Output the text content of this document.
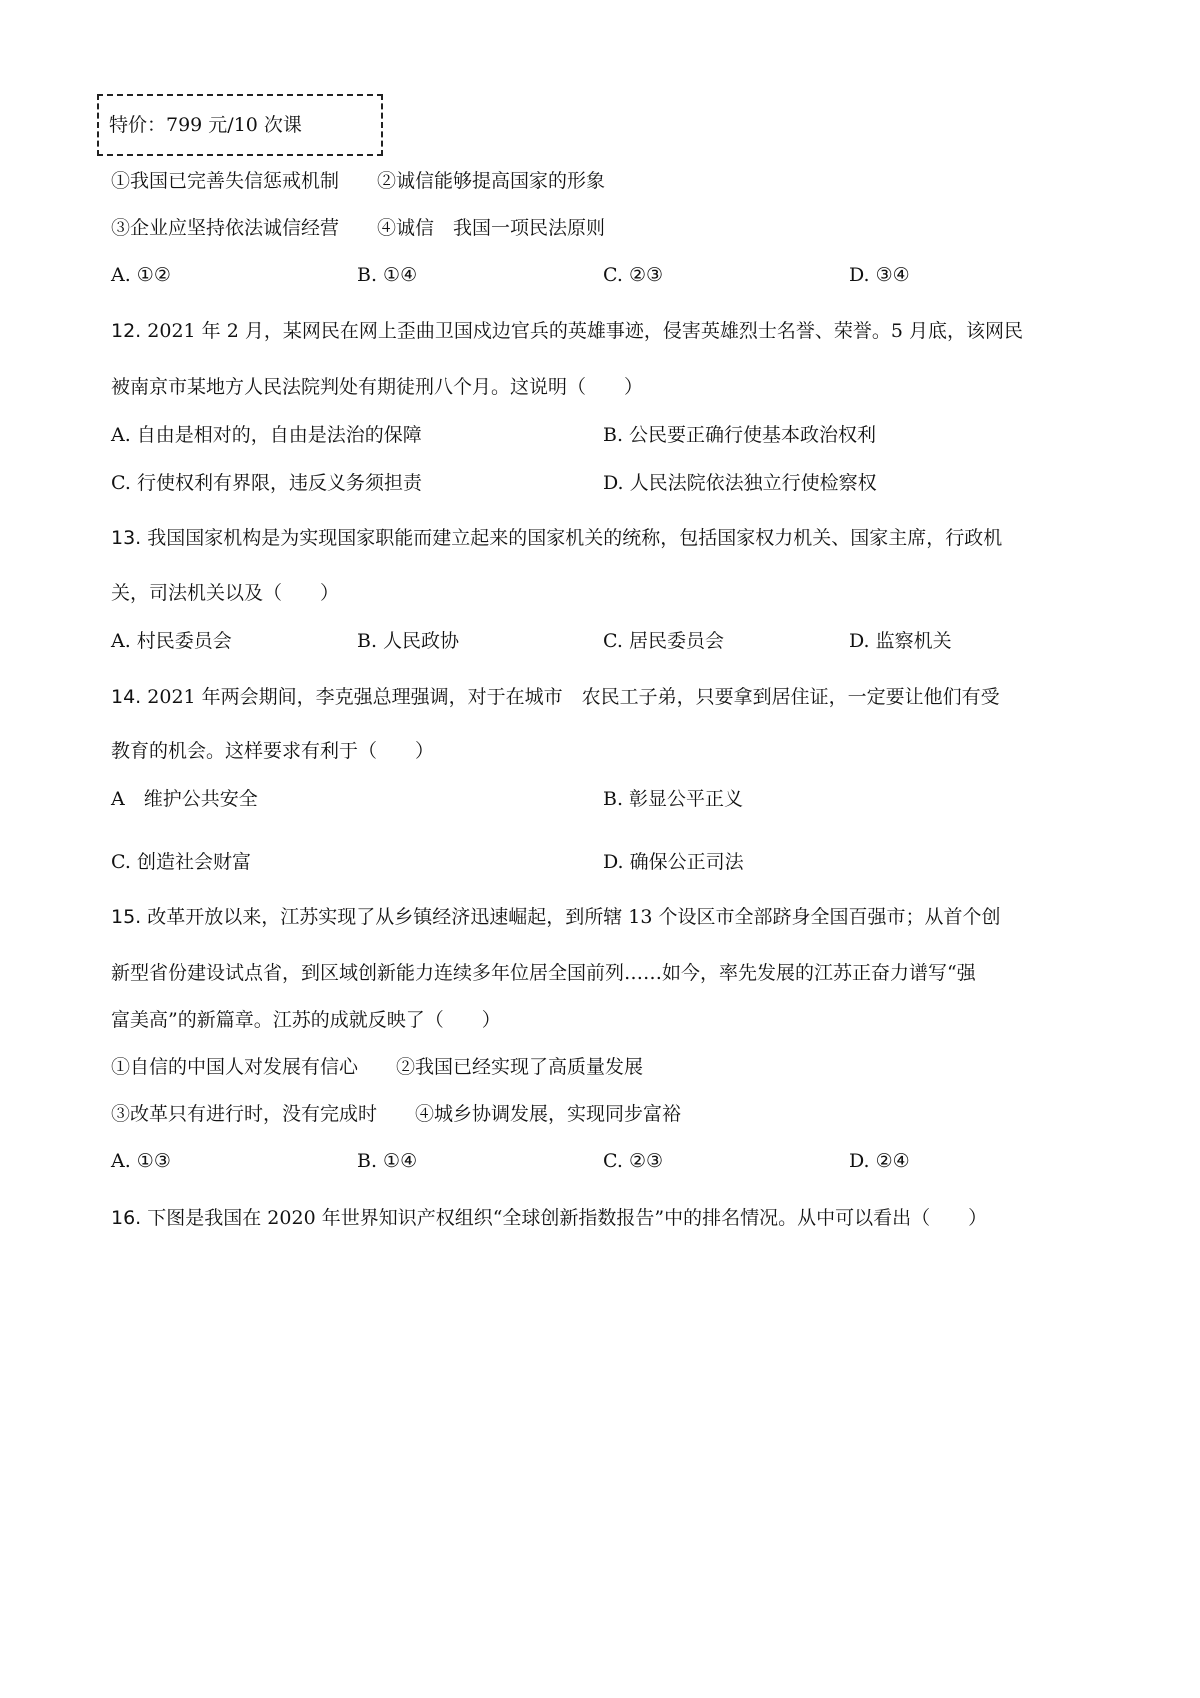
特价：799 元/10 次课
①我国已完善失信惩戒机制　　②诚信能够提高国家的形象
③企业应坚持依法诚信经营　　④诚信　我国一项民法原则
A. ①②	B. ①④	C. ②③	D. ③④
12. 2021 年 2 月，某网民在网上歪曲卫国戍边官兵的英雄事迹，侵害英雄烈士名誉、荣誉。5 月底，该网民
被南京市某地方人民法院判处有期徒刑八个月。这说明（　　）
A. 自由是相对的，自由是法治的保障	B. 公民要正确行使基本政治权利
C. 行使权利有界限，违反义务须担责	D. 人民法院依法独立行使检察权
13. 我国国家机构是为实现国家职能而建立起来的国家机关的统称，包括国家权力机关、国家主席，行政机
关，司法机关以及（　　）
A. 村民委员会	B. 人民政协	C. 居民委员会	D. 监察机关
14. 2021 年两会期间，李克强总理强调，对于在城市　农民工子弟，只要拿到居住证，一定要让他们有受
教育的机会。这样要求有利于（　　）
A　维护公共安全	B. 彰显公平正义
C. 创造社会财富	D. 确保公正司法
15. 改革开放以来，江苏实现了从乡镇经济迅速崛起，到所辖 13 个设区市全部跻身全国百强市；从首个创
新型省份建设试点省，到区域创新能力连续多年位居全国前列……如今，率先发展的江苏正奋力谱写“强
富美高”的新篇章。江苏的成就反映了（　　）
①自信的中国人对发展有信心　　②我国已经实现了高质量发展
③改革只有进行时，没有完成时　　④城乡协调发展，实现同步富裕
A. ①③	B. ①④	C. ②③	D. ②④
16. 下图是我国在 2020 年世界知识产权组织“全球创新指数报告”中的排名情况。从中可以看出（　　）
